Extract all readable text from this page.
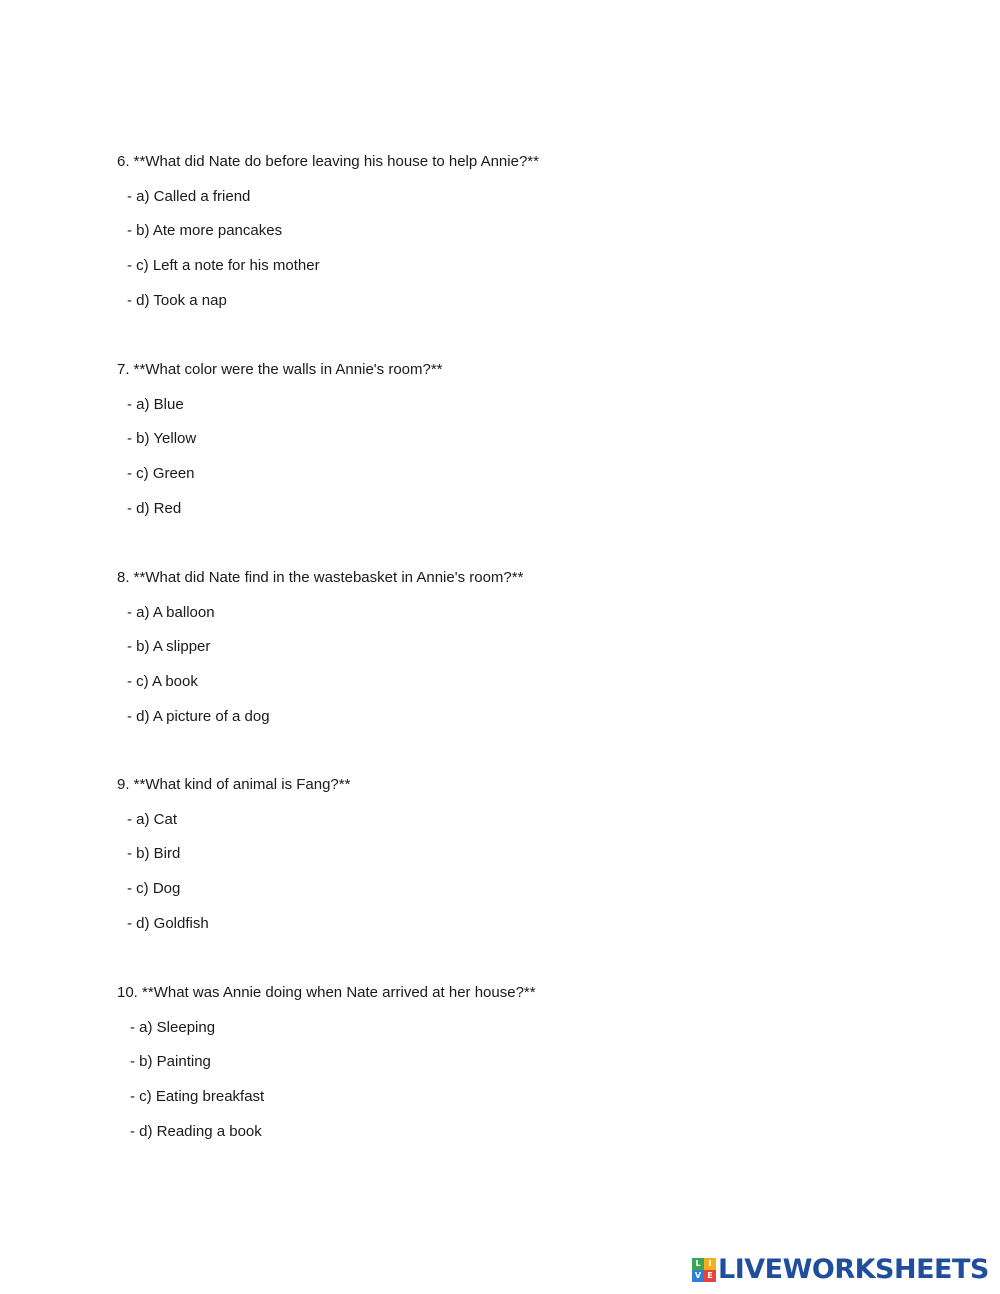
6. **What did Nate do before leaving his house to help Annie?**
- a) Called a friend
- b) Ate more pancakes
- c) Left a note for his mother
- d) Took a nap
7. **What color were the walls in Annie's room?**
- a) Blue
- b) Yellow
- c) Green
- d) Red
8. **What did Nate find in the wastebasket in Annie's room?**
- a) A balloon
- b) A slipper
- c) A book
- d) A picture of a dog
9. **What kind of animal is Fang?**
- a) Cat
- b) Bird
- c) Dog
- d) Goldfish
10. **What was Annie doing when Nate arrived at her house?**
- a) Sleeping
- b) Painting
- c) Eating breakfast
- d) Reading a book
L I
V E LIVEWORKSHEETS
